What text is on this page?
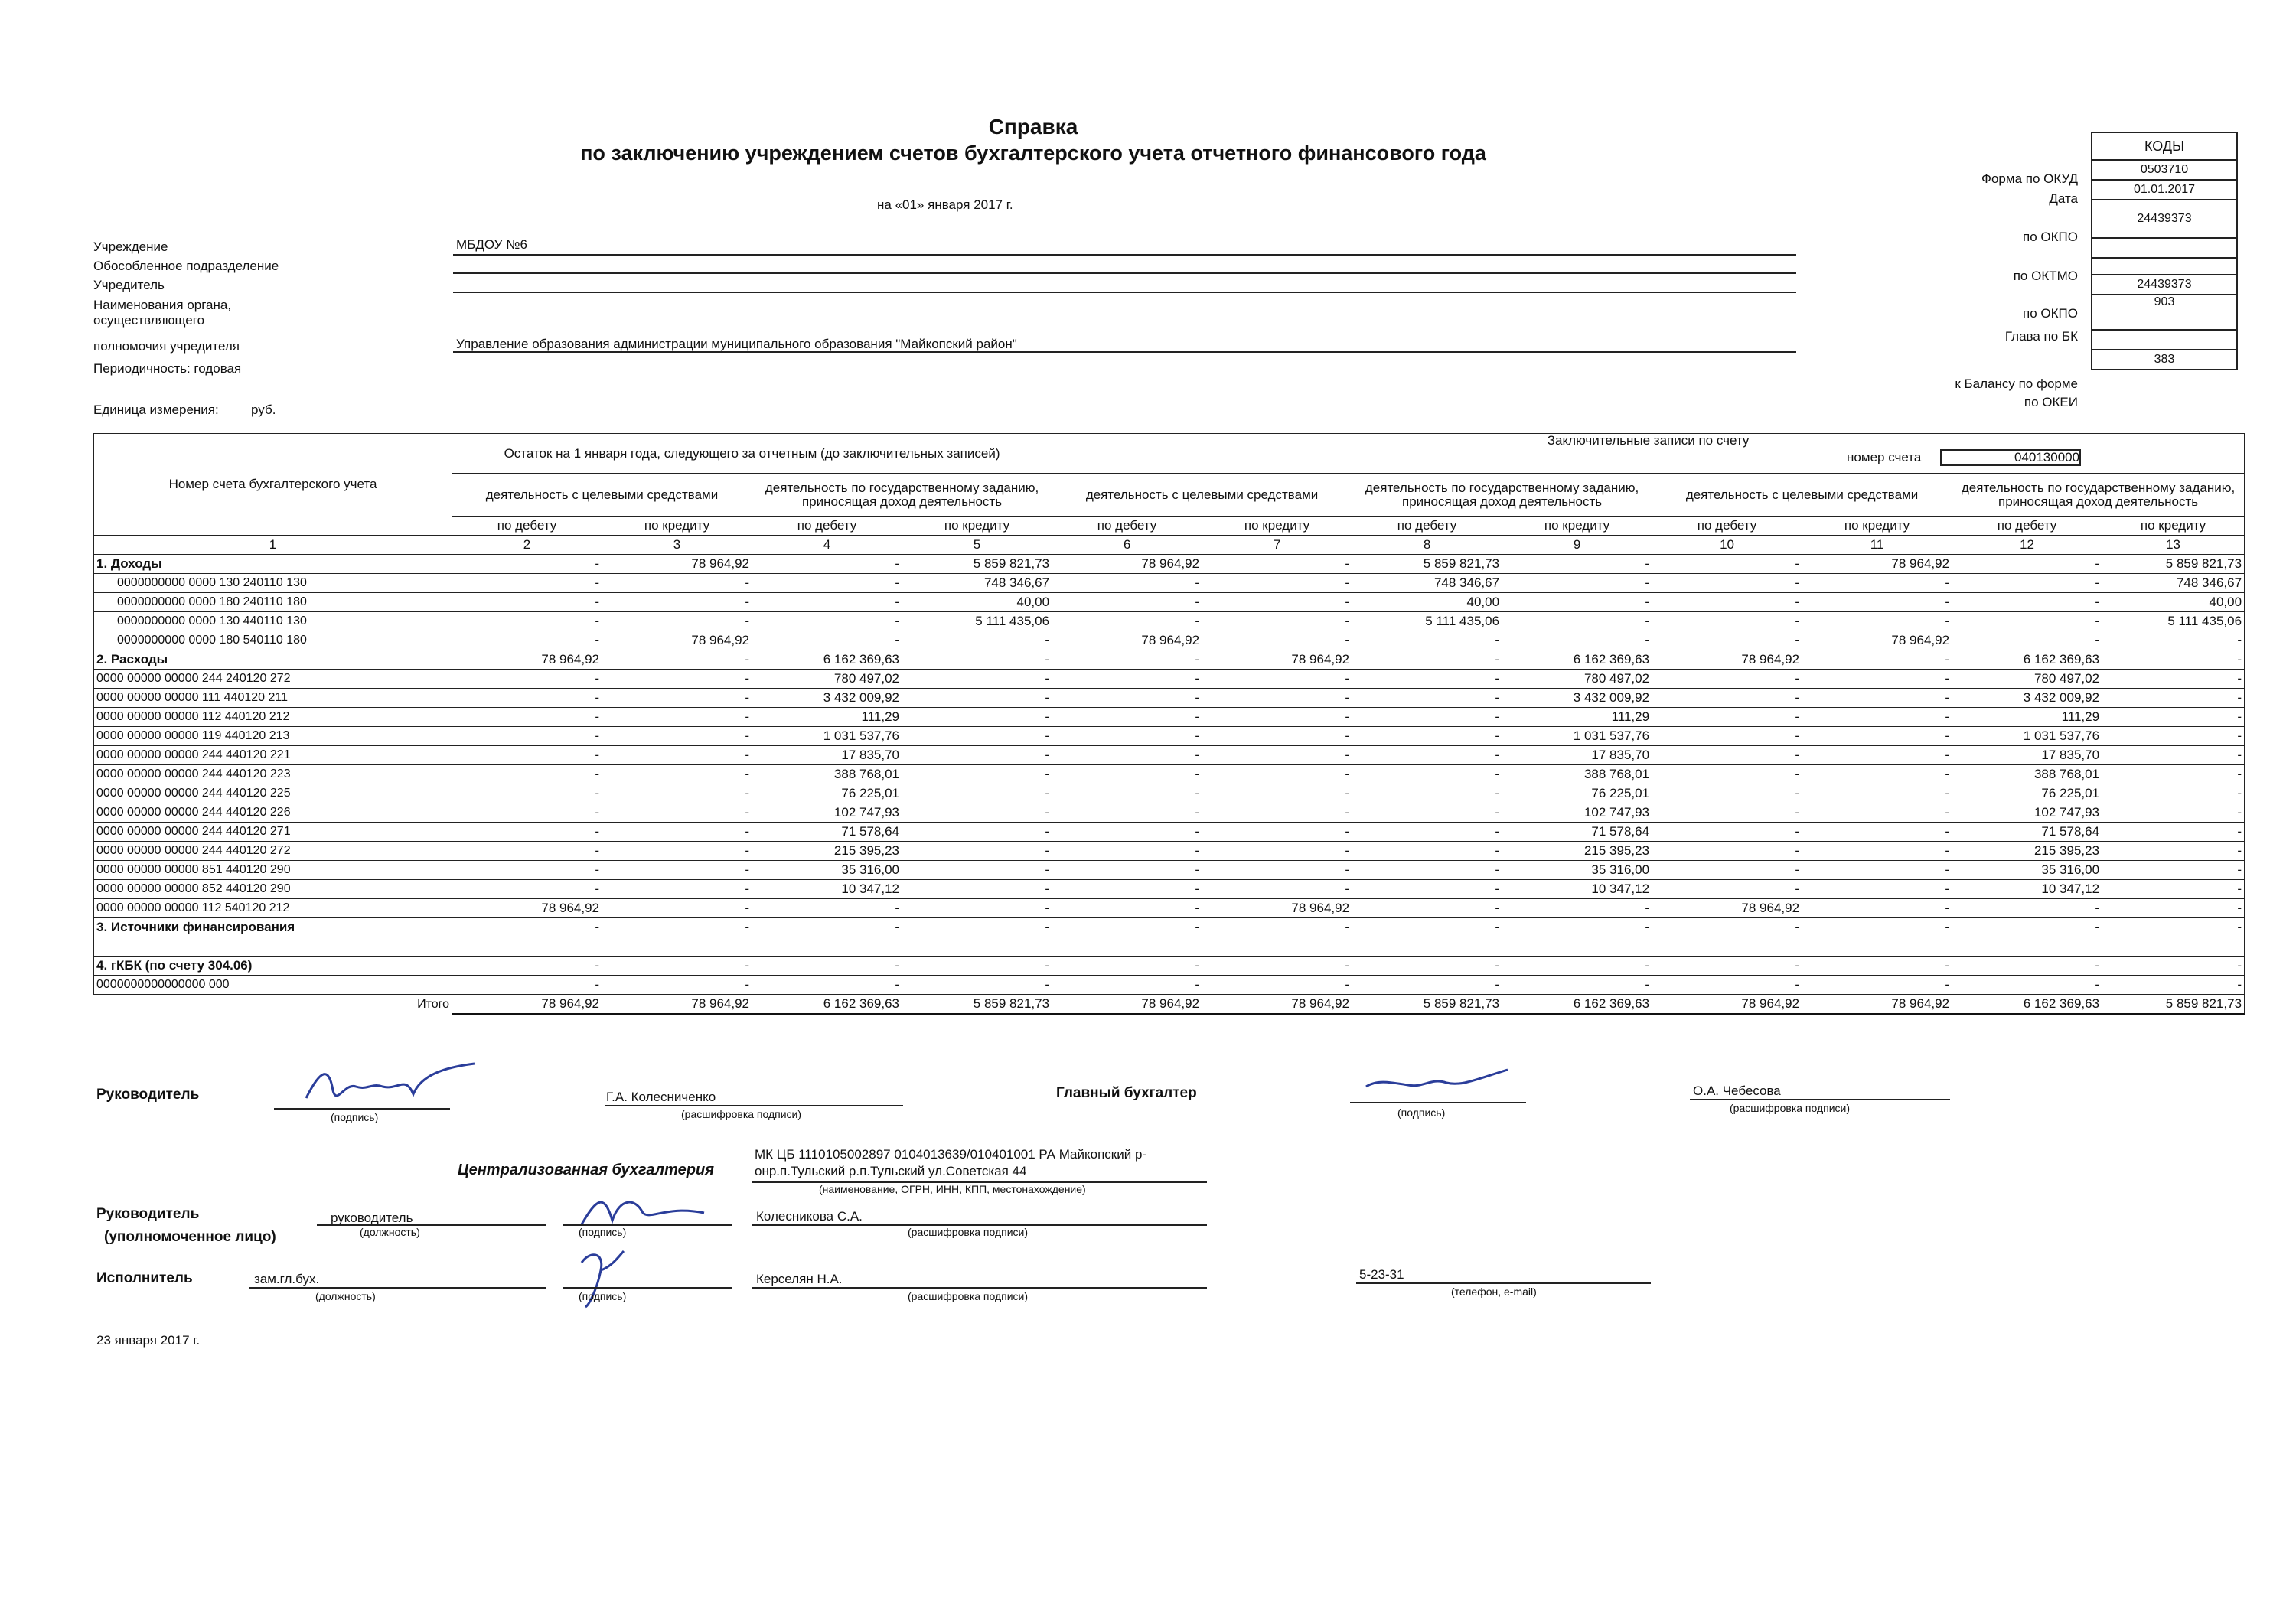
Справка
по заключению учреждением счетов бухгалтерского учета отчетного финансового года
на «01» января 2017 г.
КОДЫ
0503710
01.01.2017
24439373
24439373
903
383
Форма по ОКУД
Дата
по ОКПО
по ОКТМО
по ОКПО
Глава по БК
к Балансу по форме
по ОКЕИ
Учреждение	МБДОУ №6
Обособленное подразделение
Учредитель
Наименования органа, осуществляющего
полномочия учредителя	Управление образования администрации муниципального образования "Майкопский район"
Периодичность: годовая
Единица измерения: руб.
Номер счета бухгалтерского учета	Остаток на 1 января года, следующего за отчетным (до заключительных записей)				Заключительные записи по счету
номер счета 040130000							

	деятельность с целевыми средствами		деятельность по государственному заданию, приносящая доход деятельность		деятельность с целевыми средствами		деятельность по государственному заданию, приносящая доход деятельность		деятельность с целевыми средствами		деятельность по государственному заданию, приносящая доход деятельность	
	по дебету	по кредиту	по дебету	по кредиту	по дебету	по кредиту	по дебету	по кредиту	по дебету	по кредиту	по дебету	по кредиту
1	2	3	4	5	6	7	8	9	10	11	12	13
1. Доходы	-	78 964,92	-	5 859 821,73	78 964,92	-	5 859 821,73	-	-	78 964,92	-	5 859 821,73
0000000000 0000 130 240110 130	-	-	-	748 346,67	-	-	748 346,67	-	-	-	-	748 346,67
0000000000 0000 180 240110 180	-	-	-	40,00	-	-	40,00	-	-	-	-	40,00
0000000000 0000 130 440110 130	-	-	-	5 111 435,06	-	-	5 111 435,06	-	-	-	-	5 111 435,06
0000000000 0000 180 540110 180	-	78 964,92	-	-	78 964,92	-	-	-	-	78 964,92	-	-
2. Расходы	78 964,92	-	6 162 369,63	-	-	78 964,92	-	6 162 369,63	78 964,92	-	6 162 369,63	-
0000 00000 00000 244 240120 272	-	-	780 497,02	-	-	-	-	780 497,02	-	-	780 497,02	-
0000 00000 00000 111 440120 211	-	-	3 432 009,92	-	-	-	-	3 432 009,92	-	-	3 432 009,92	-
0000 00000 00000 112 440120 212	-	-	111,29	-	-	-	-	111,29	-	-	111,29	-
0000 00000 00000 119 440120 213	-	-	1 031 537,76	-	-	-	-	1 031 537,76	-	-	1 031 537,76	-
0000 00000 00000 244 440120 221	-	-	17 835,70	-	-	-	-	17 835,70	-	-	17 835,70	-
0000 00000 00000 244 440120 223	-	-	388 768,01	-	-	-	-	388 768,01	-	-	388 768,01	-
0000 00000 00000 244 440120 225	-	-	76 225,01	-	-	-	-	76 225,01	-	-	76 225,01	-
0000 00000 00000 244 440120 226	-	-	102 747,93	-	-	-	-	102 747,93	-	-	102 747,93	-
0000 00000 00000 244 440120 271	-	-	71 578,64	-	-	-	-	71 578,64	-	-	71 578,64	-
0000 00000 00000 244 440120 272	-	-	215 395,23	-	-	-	-	215 395,23	-	-	215 395,23	-
0000 00000 00000 851 440120 290	-	-	35 316,00	-	-	-	-	35 316,00	-	-	35 316,00	-
0000 00000 00000 852 440120 290	-	-	10 347,12	-	-	-	-	10 347,12	-	-	10 347,12	-
0000 00000 00000 112 540120 212	78 964,92	-	-	-	-	78 964,92	-	-	78 964,92	-	-	-
3. Источники финансирования	-	-	-	-	-	-	-	-	-	-	-	-

4. гКБК (по счету 304.06)	-	-	-	-	-	-	-	-	-	-	-	-
0000000000000000 000	-	-	-	-	-	-	-	-	-	-	-	-
Итого	78 964,92	78 964,92	6 162 369,63	5 859 821,73	78 964,92	78 964,92	5 859 821,73	6 162 369,63	78 964,92	78 964,92	6 162 369,63	5 859 821,73
Руководитель
(подпись)
Г.А. Колесниченко
(расшифровка подписи)
Главный бухгалтер
(подпись)
О.А. Чебесова
(расшифровка подписи)
Централизованная бухгалтерия
МК ЦБ 1110105002897 0104013639/010401001 РА Майкопский р-онр.п.Тульский р.п.Тульский ул.Советская 44
(наименование, ОГРН, ИНН, КПП, местонахождение)
Руководитель
(уполномоченное лицо)
руководитель
(должность)	(подпись)
Колесникова С.А.
(расшифровка подписи)
Исполнитель	зам.гл.бух.
(должность)	(подпись)
Керселян Н.А.
(расшифровка подписи)
5-23-31
(телефон, e-mail)
23 января 2017 г.
